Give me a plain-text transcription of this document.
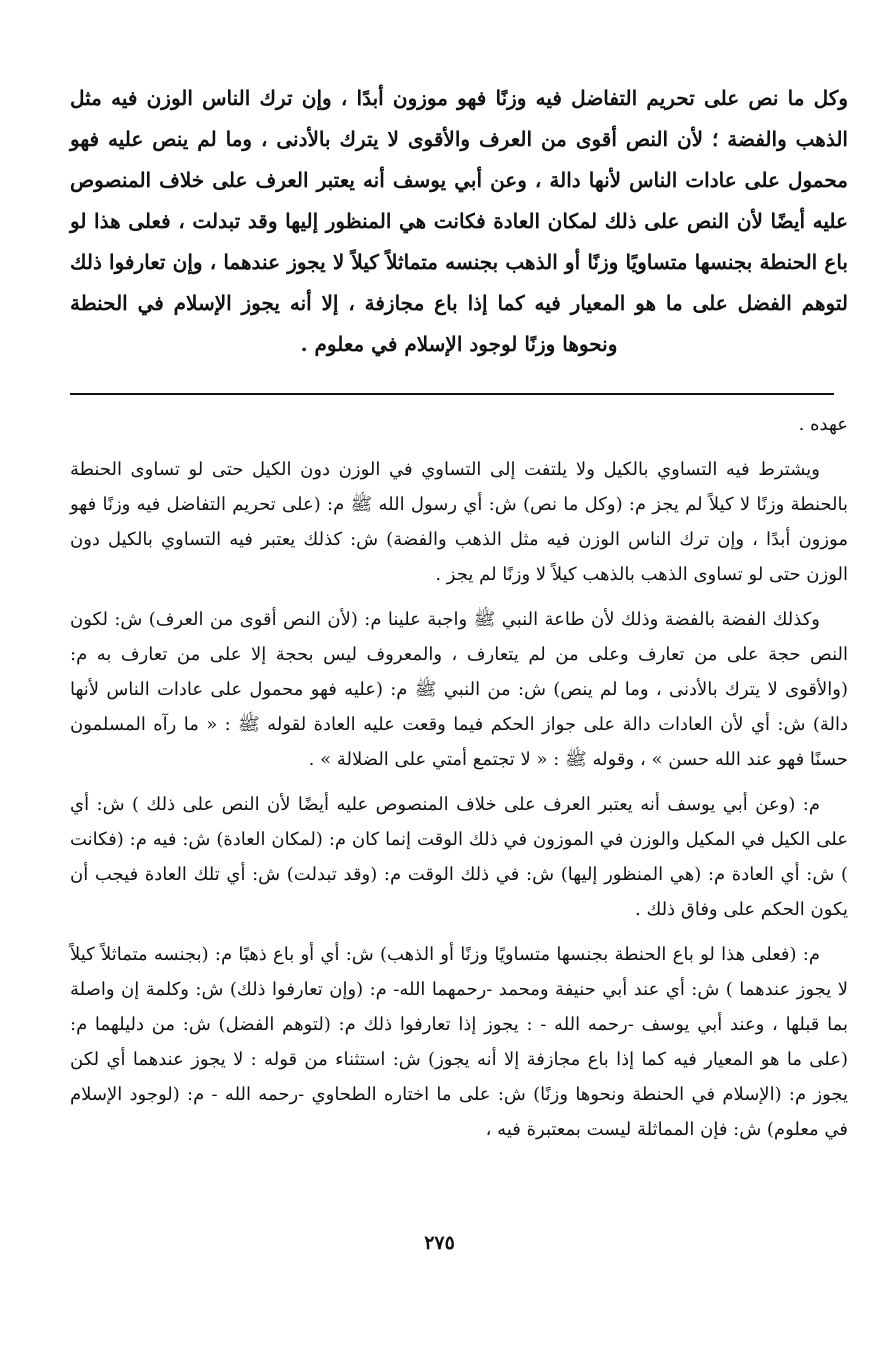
وكل ما نص على تحريم التفاضل فيه وزنًا فهو موزون أبدًا ، وإن ترك الناس الوزن فيه مثل الذهب والفضة ؛ لأن النص أقوى من العرف والأقوى لا يترك بالأدنى ، وما لم ينص عليه فهو محمول على عادات الناس لأنها دالة ، وعن أبي يوسف أنه يعتبر العرف على خلاف المنصوص عليه أيضًا لأن النص على ذلك لمكان العادة فكانت هي المنظور إليها وقد تبدلت ، فعلى هذا لو باع الحنطة بجنسها متساويًا وزنًا أو الذهب بجنسه متماثلاً كيلاً لا يجوز عندهما ، وإن تعارفوا ذلك لتوهم الفضل على ما هو المعيار فيه كما إذا باع مجازفة ، إلا أنه يجوز الإسلام في الحنطة ونحوها وزنًا لوجود الإسلام في معلوم .

عهده .

ويشترط فيه التساوي بالكيل ولا يلتفت إلى التساوي في الوزن دون الكيل حتى لو تساوى الحنطة بالحنطة وزنًا لا كيلاً لم يجز م: (وكل ما نص) ش: أي رسول الله ﷺ م: (على تحريم التفاضل فيه وزنًا فهو موزون أبدًا ، وإن ترك الناس الوزن فيه مثل الذهب والفضة) ش: كذلك يعتبر فيه التساوي بالكيل دون الوزن حتى لو تساوى الذهب بالذهب كيلاً لا وزنًا لم يجز .

وكذلك الفضة بالفضة وذلك لأن طاعة النبي ﷺ واجبة علينا م: (لأن النص أقوى من العرف) ش: لكون النص حجة على من تعارف وعلى من لم يتعارف ، والمعروف ليس بحجة إلا على من تعارف به م: (والأقوى لا يترك بالأدنى ، وما لم ينص) ش: من النبي ﷺ م: (عليه فهو محمول على عادات الناس لأنها دالة) ش: أي لأن العادات دالة على جواز الحكم فيما وقعت عليه العادة لقوله ﷺ : « ما رآه المسلمون حسنًا فهو عند الله حسن » ، وقوله ﷺ : « لا تجتمع أمتي على الضلالة » .

م: (وعن أبي يوسف أنه يعتبر العرف على خلاف المنصوص عليه أيضًا لأن النص على ذلك ) ش: أي على الكيل في المكيل والوزن في الموزون في ذلك الوقت إنما كان م: (لمكان العادة) ش: فيه م: (فكانت ) ش: أي العادة م: (هي المنظور إليها) ش: في ذلك الوقت م: (وقد تبدلت) ش: أي تلك العادة فيجب أن يكون الحكم على وفاق ذلك .

م: (فعلى هذا لو باع الحنطة بجنسها متساويًا وزنًا أو الذهب) ش: أي أو باع ذهبًا م: (بجنسه متماثلاً كيلاً لا يجوز عندهما ) ش: أي عند أبي حنيفة ومحمد -رحمهما الله- م: (وإن تعارفوا ذلك) ش: وكلمة إن واصلة بما قبلها ، وعند أبي يوسف -رحمه الله - : يجوز إذا تعارفوا ذلك م: (لتوهم الفضل) ش: من دليلهما م: (على ما هو المعيار فيه كما إذا باع مجازفة إلا أنه يجوز) ش: استثناء من قوله : لا يجوز عندهما أي لكن يجوز م: (الإسلام في الحنطة ونحوها وزنًا) ش: على ما اختاره الطحاوي -رحمه الله - م: (لوجود الإسلام في معلوم) ش: فإن المماثلة ليست بمعتبرة فيه ،

٢٧٥
